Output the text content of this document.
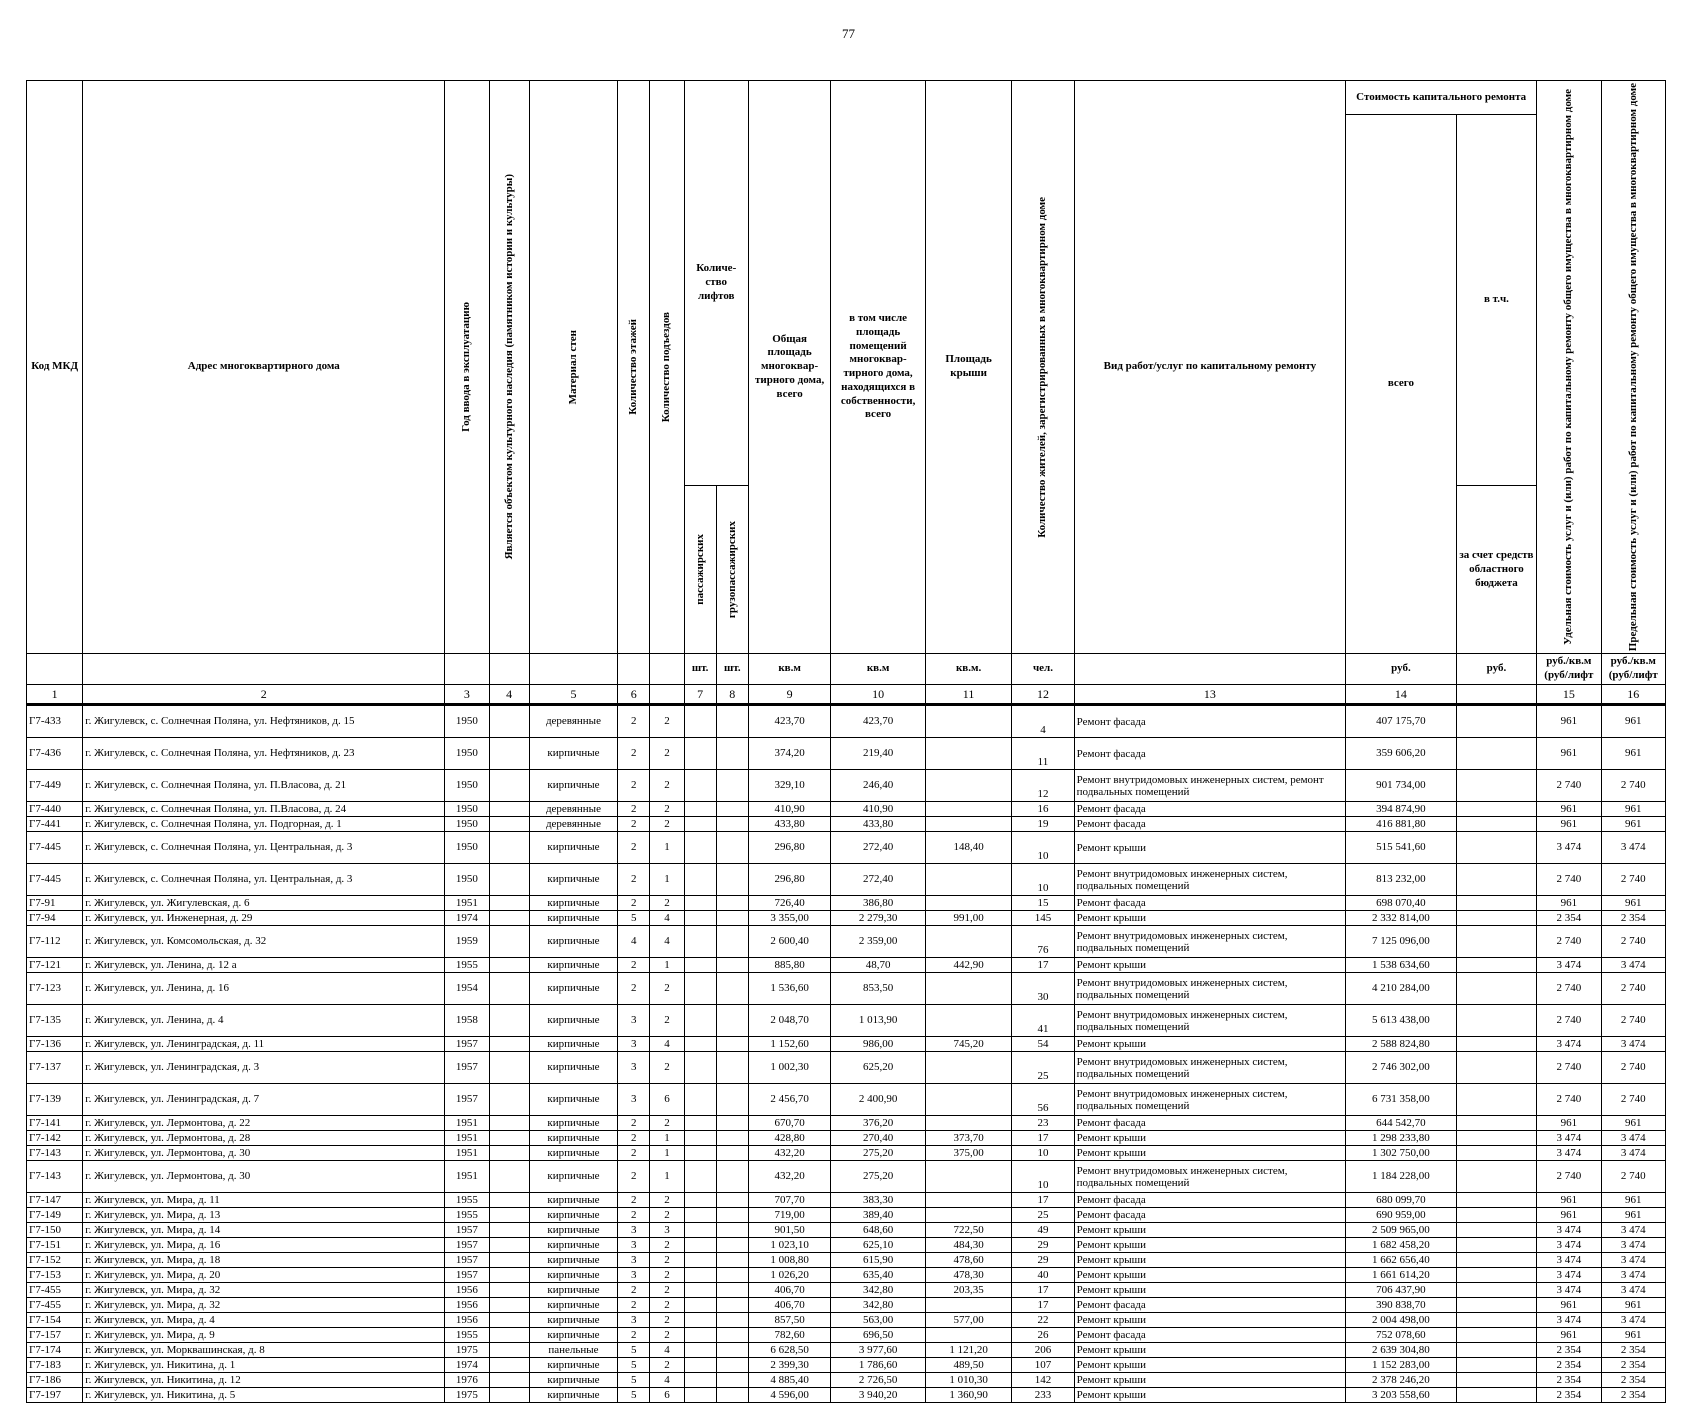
77
Код МКД	Адрес многоквартирного дома	Год ввода в эксплуатацию	Является объектом культурного наследия (памятником истории и культуры)	Материал стен	Количество этажей	Количество подъездов	Количе-ство лифтов		Общая площадь многоквар-тирного дома, всего	в том числе площадь помещений многоквар-тирного дома, находящихся в собственности, всего	Площадь крыши	Количество жителей, зарегистрированных в многоквартирном доме	Вид работ/услуг по капитальному ремонту	Стоимость капитального ремонта		Удельная стоимость услуг и (или) работ по капитальному ремонту общего имущества в многоквартирном доме	Предельная стоимость услуг и (или) работ по капитальному ремонту общего имущества в многоквартирном доме

														всего	в т.ч.		

							пассажирских	грузопассажирских							за счет средств областного бюджета		
							шт.	шт.	кв.м	кв.м	кв.м.	чел.		руб.	руб.	руб./кв.м (руб/лифт	руб./кв.м (руб/лифт
1	2	3	4	5	6		7	8	9	10	11	12	13	14		15	16
Г7-433	г. Жигулевск, с. Солнечная Поляна, ул. Нефтяников, д. 15	1950		деревянные	2	2			423,70	423,70		4	Ремонт фасада	407 175,70		961	961
Г7-436	г. Жигулевск, с. Солнечная Поляна, ул. Нефтяников, д. 23	1950		кирпичные	2	2			374,20	219,40		11	Ремонт фасада	359 606,20		961	961
Г7-449	г. Жигулевск, с. Солнечная Поляна, ул. П.Власова, д. 21	1950		кирпичные	2	2			329,10	246,40		12	Ремонт внутридомовых инженерных систем, ремонт подвальных помещений	901 734,00		2 740	2 740
Г7-440	г. Жигулевск, с. Солнечная Поляна, ул. П.Власова, д. 24	1950		деревянные	2	2			410,90	410,90		16	Ремонт фасада	394 874,90		961	961
Г7-441	г. Жигулевск, с. Солнечная Поляна, ул. Подгорная, д. 1	1950		деревянные	2	2			433,80	433,80		19	Ремонт фасада	416 881,80		961	961
Г7-445	г. Жигулевск, с. Солнечная Поляна, ул. Центральная, д. 3	1950		кирпичные	2	1			296,80	272,40	148,40	10	Ремонт крыши	515 541,60		3 474	3 474
Г7-445	г. Жигулевск, с. Солнечная Поляна, ул. Центральная, д. 3	1950		кирпичные	2	1			296,80	272,40		10	Ремонт внутридомовых инженерных систем, подвальных помещений	813 232,00		2 740	2 740
Г7-91	г. Жигулевск, ул. Жигулевская, д. 6	1951		кирпичные	2	2			726,40	386,80		15	Ремонт фасада	698 070,40		961	961
Г7-94	г. Жигулевск, ул. Инженерная, д. 29	1974		кирпичные	5	4			3 355,00	2 279,30	991,00	145	Ремонт крыши	2 332 814,00		2 354	2 354
Г7-112	г. Жигулевск, ул. Комсомольская, д. 32	1959		кирпичные	4	4			2 600,40	2 359,00		76	Ремонт внутридомовых инженерных систем, подвальных помещений	7 125 096,00		2 740	2 740
Г7-121	г. Жигулевск, ул. Ленина, д. 12 а	1955		кирпичные	2	1			885,80	48,70	442,90	17	Ремонт крыши	1 538 634,60		3 474	3 474
Г7-123	г. Жигулевск, ул. Ленина, д. 16	1954		кирпичные	2	2			1 536,60	853,50		30	Ремонт внутридомовых инженерных систем, подвальных помещений	4 210 284,00		2 740	2 740
Г7-135	г. Жигулевск, ул. Ленина, д. 4	1958		кирпичные	3	2			2 048,70	1 013,90		41	Ремонт внутридомовых инженерных систем, подвальных помещений	5 613 438,00		2 740	2 740
Г7-136	г. Жигулевск, ул. Ленинградская, д. 11	1957		кирпичные	3	4			1 152,60	986,00	745,20	54	Ремонт крыши	2 588 824,80		3 474	3 474
Г7-137	г. Жигулевск, ул. Ленинградская, д. 3	1957		кирпичные	3	2			1 002,30	625,20		25	Ремонт внутридомовых инженерных систем, подвальных помещений	2 746 302,00		2 740	2 740
Г7-139	г. Жигулевск, ул. Ленинградская, д. 7	1957		кирпичные	3	6			2 456,70	2 400,90		56	Ремонт внутридомовых инженерных систем, подвальных помещений	6 731 358,00		2 740	2 740
Г7-141	г. Жигулевск, ул. Лермонтова, д. 22	1951		кирпичные	2	2			670,70	376,20		23	Ремонт фасада	644 542,70		961	961
Г7-142	г. Жигулевск, ул. Лермонтова, д. 28	1951		кирпичные	2	1			428,80	270,40	373,70	17	Ремонт крыши	1 298 233,80		3 474	3 474
Г7-143	г. Жигулевск, ул. Лермонтова, д. 30	1951		кирпичные	2	1			432,20	275,20	375,00	10	Ремонт крыши	1 302 750,00		3 474	3 474
Г7-143	г. Жигулевск, ул. Лермонтова, д. 30	1951		кирпичные	2	1			432,20	275,20		10	Ремонт внутридомовых инженерных систем, подвальных помещений	1 184 228,00		2 740	2 740
Г7-147	г. Жигулевск, ул. Мира, д. 11	1955		кирпичные	2	2			707,70	383,30		17	Ремонт фасада	680 099,70		961	961
Г7-149	г. Жигулевск, ул. Мира, д. 13	1955		кирпичные	2	2			719,00	389,40		25	Ремонт фасада	690 959,00		961	961
Г7-150	г. Жигулевск, ул. Мира, д. 14	1957		кирпичные	3	3			901,50	648,60	722,50	49	Ремонт крыши	2 509 965,00		3 474	3 474
Г7-151	г. Жигулевск, ул. Мира, д. 16	1957		кирпичные	3	2			1 023,10	625,10	484,30	29	Ремонт крыши	1 682 458,20		3 474	3 474
Г7-152	г. Жигулевск, ул. Мира, д. 18	1957		кирпичные	3	2			1 008,80	615,90	478,60	29	Ремонт крыши	1 662 656,40		3 474	3 474
Г7-153	г. Жигулевск, ул. Мира, д. 20	1957		кирпичные	3	2			1 026,20	635,40	478,30	40	Ремонт крыши	1 661 614,20		3 474	3 474
Г7-455	г. Жигулевск, ул. Мира, д. 32	1956		кирпичные	2	2			406,70	342,80	203,35	17	Ремонт крыши	706 437,90		3 474	3 474
Г7-455	г. Жигулевск, ул. Мира, д. 32	1956		кирпичные	2	2			406,70	342,80		17	Ремонт фасада	390 838,70		961	961
Г7-154	г. Жигулевск, ул. Мира, д. 4	1956		кирпичные	3	2			857,50	563,00	577,00	22	Ремонт крыши	2 004 498,00		3 474	3 474
Г7-157	г. Жигулевск, ул. Мира, д. 9	1955		кирпичные	2	2			782,60	696,50		26	Ремонт фасада	752 078,60		961	961
Г7-174	г. Жигулевск, ул. Морквашинская, д. 8	1975		панельные	5	4			6 628,50	3 977,60	1 121,20	206	Ремонт крыши	2 639 304,80		2 354	2 354
Г7-183	г. Жигулевск, ул. Никитина, д. 1	1974		кирпичные	5	2			2 399,30	1 786,60	489,50	107	Ремонт крыши	1 152 283,00		2 354	2 354
Г7-186	г. Жигулевск, ул. Никитина, д. 12	1976		кирпичные	5	4			4 885,40	2 726,50	1 010,30	142	Ремонт крыши	2 378 246,20		2 354	2 354
Г7-197	г. Жигулевск, ул. Никитина, д. 5	1975		кирпичные	5	6			4 596,00	3 940,20	1 360,90	233	Ремонт крыши	3 203 558,60		2 354	2 354
